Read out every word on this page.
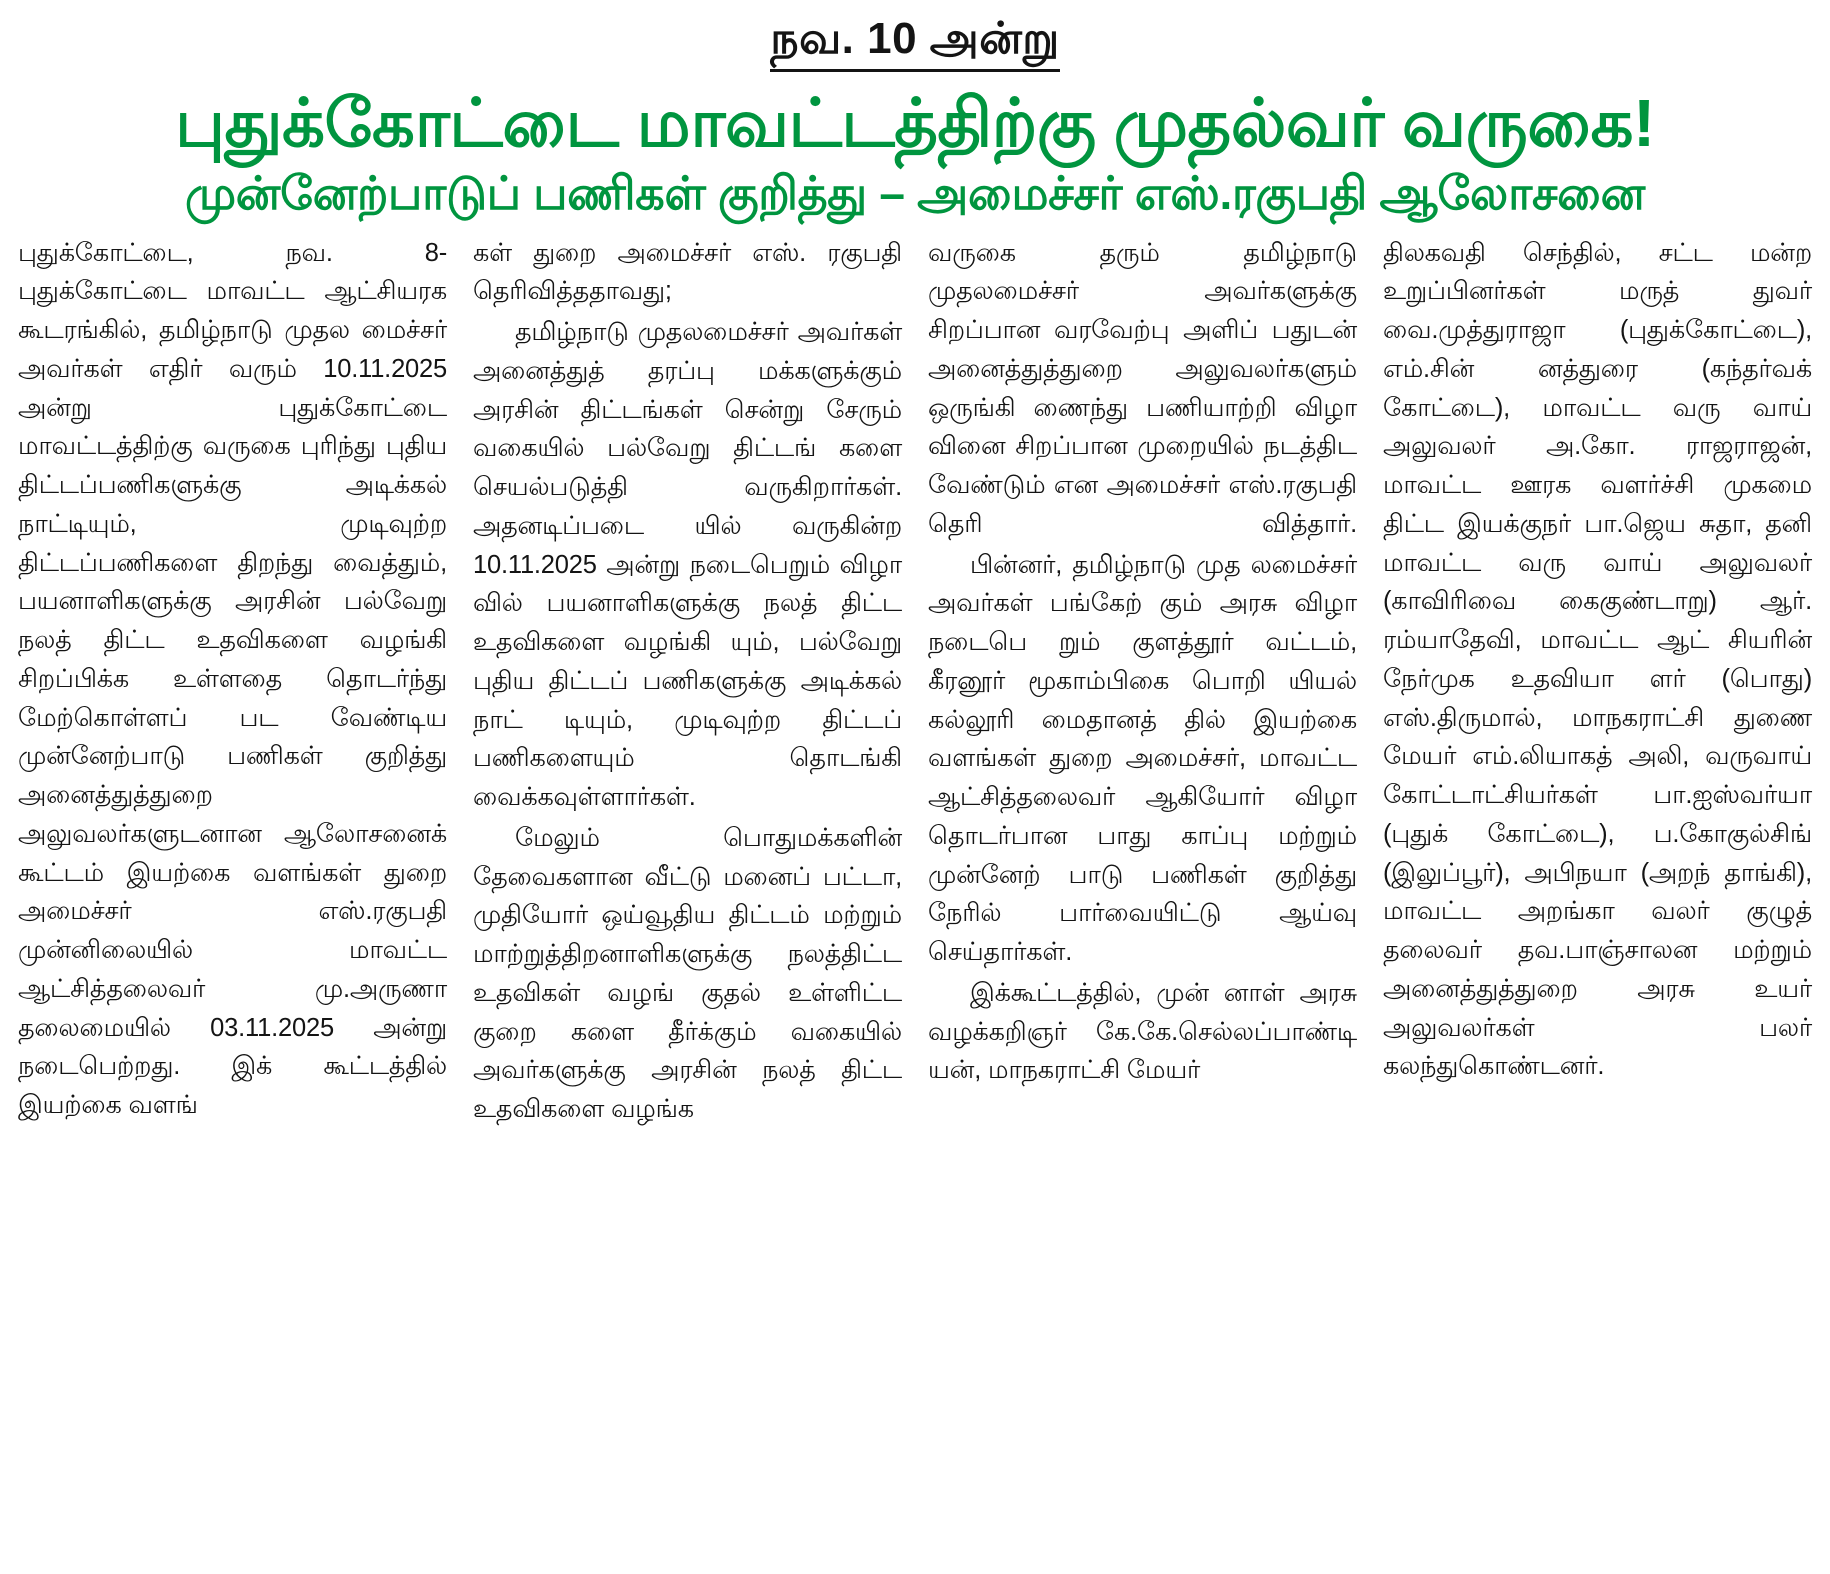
நவ. 10 அன்று
புதுக்கோட்டை மாவட்டத்திற்கு முதல்வர் வருகை!
முன்னேற்பாடுப் பணிகள் குறித்து – அமைச்சர் எஸ்.ரகுபதி ஆலோசனை

புதுக்கோட்டை, நவ. 8- புதுக்கோட்டை மாவட்ட ஆட்சியரக கூடரங்கில், தமிழ்நாடு முதல மைச்சர் அவர்கள் எதிர் வரும் 10.11.2025 அன்று புதுக்கோட்டை மாவட்டத்திற்கு வருகை புரிந்து புதிய திட்டப்பணிகளுக்கு அடிக்கல் நாட்டியும், முடிவுற்ற திட்டப்பணிகளை திறந்து வைத்தும், பயனாளிகளுக்கு அரசின் பல்வேறு நலத் திட்ட உதவிகளை வழங்கி சிறப்பிக்க உள்ளதை தொடர்ந்து மேற்கொள்ளப் பட வேண்டிய முன்னேற்பாடு பணிகள் குறித்து அனைத்துத்துறை அலுவலர்களுடனான ஆலோசனைக் கூட்டம் இயற்கை வளங்கள் துறை அமைச்சர் எஸ்.ரகுபதி முன்னிலையில் மாவட்ட ஆட்சித்தலைவர் மு.அருணா தலைமையில் 03.11.2025 அன்று நடைபெற்றது. இக் கூட்டத்தில் இயற்கை வளங்

கள் துறை அமைச்சர் எஸ். ரகுபதி தெரிவித்ததாவது;

தமிழ்நாடு முதலமைச்சர் அவர்கள் அனைத்துத் தரப்பு மக்களுக்கும் அரசின் திட்டங்கள் சென்று சேரும் வகையில் பல்வேறு திட்டங் களை செயல்படுத்தி வருகிறார்கள். அதனடிப்படை யில் வருகின்ற 10.11.2025 அன்று நடைபெறும் விழா வில் பயனாளிகளுக்கு நலத் திட்ட உதவிகளை வழங்கி யும், பல்வேறு புதிய திட்டப் பணிகளுக்கு அடிக்கல் நாட் டியும், முடிவுற்ற திட்டப் பணிகளையும் தொடங்கி வைக்கவுள்ளார்கள்.

மேலும் பொதுமக்களின் தேவைகளான வீட்டு மனைப் பட்டா, முதியோர் ஒய்வூதிய திட்டம் மற்றும் மாற்றுத்திறனாளிகளுக்கு நலத்திட்ட உதவிகள் வழங் குதல் உள்ளிட்ட குறை களை தீர்க்கும் வகையில் அவர்களுக்கு அரசின் நலத் திட்ட உதவிகளை வழங்க

வருகை தரும் தமிழ்நாடு முதலமைச்சர் அவர்களுக்கு சிறப்பான வரவேற்பு அளிப் பதுடன் அனைத்துத்துறை அலுவலர்களும் ஒருங்கி ணைந்து பணியாற்றி விழா வினை சிறப்பான முறையில் நடத்திட வேண்டும் என அமைச்சர் எஸ்.ரகுபதி தெரி வித்தார்.

பின்னர், தமிழ்நாடு முத லமைச்சர் அவர்கள் பங்கேற் கும் அரசு விழா நடைபெ றும் குளத்தூர் வட்டம், கீரனூர் மூகாம்பிகை பொறி யியல் கல்லூரி மைதானத் தில் இயற்கை வளங்கள் துறை அமைச்சர், மாவட்ட ஆட்சித்தலைவர் ஆகியோர் விழா தொடர்பான பாது காப்பு மற்றும் முன்னேற் பாடு பணிகள் குறித்து நேரில் பார்வையிட்டு ஆய்வு செய்தார்கள்.

இக்கூட்டத்தில், முன் னாள் அரசு வழக்கறிஞர் கே.கே.செல்லப்பாண்டி யன், மாநகராட்சி மேயர்

திலகவதி செந்தில், சட்ட மன்ற உறுப்பினர்கள் மருத் துவர் வை.முத்துராஜா (புதுக்கோட்டை), எம்.சின் னத்துரை (கந்தர்வக் கோட்டை), மாவட்ட வரு வாய் அலுவலர் அ.கோ. ராஜராஜன், மாவட்ட ஊரக வளர்ச்சி முகமை திட்ட இயக்குநர் பா.ஜெய சுதா, தனி மாவட்ட வரு வாய் அலுவலர் (காவிரிவை கைகுண்டாறு) ஆர். ரம்யாதேவி, மாவட்ட ஆட் சியரின் நேர்முக உதவியா ளர் (பொது) எஸ்.திருமால், மாநகராட்சி துணை மேயர் எம்.லியாகத் அலி, வருவாய் கோட்டாட்சியர்கள் பா.ஐஸ்வர்யா (புதுக் கோட்டை), ப.கோகுல்சிங் (இலுப்பூர்), அபிநயா (அறந் தாங்கி), மாவட்ட அறங்கா வலர் குழுத் தலைவர் தவ.பாஞ்சாலன மற்றும் அனைத்துத்துறை அரசு உயர் அலுவலர்கள் பலர் கலந்துகொண்டனர்.
